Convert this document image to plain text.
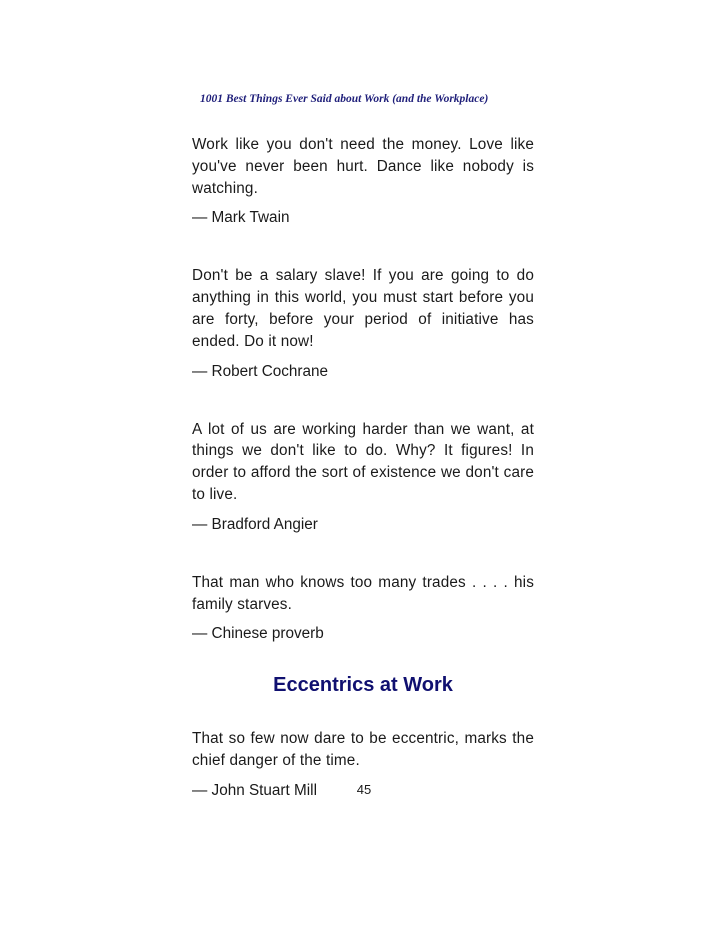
1001 Best Things Ever Said about Work (and the Workplace)

Work like you don't need the money. Love like you've never been hurt. Dance like nobody is watching.

— Mark Twain

Don't be a salary slave! If you are going to do anything in this world, you must start before you are forty, before your period of initiative has ended. Do it now!

— Robert Cochrane

A lot of us are working harder than we want, at things we don't like to do. Why? It figures! In order to afford the sort of existence we don't care to live.

— Bradford Angier

That man who knows too many trades . . . . his family starves.

— Chinese proverb

Eccentrics at Work

That so few now dare to be eccentric, marks the chief danger of the time.

— John Stuart Mill	45
